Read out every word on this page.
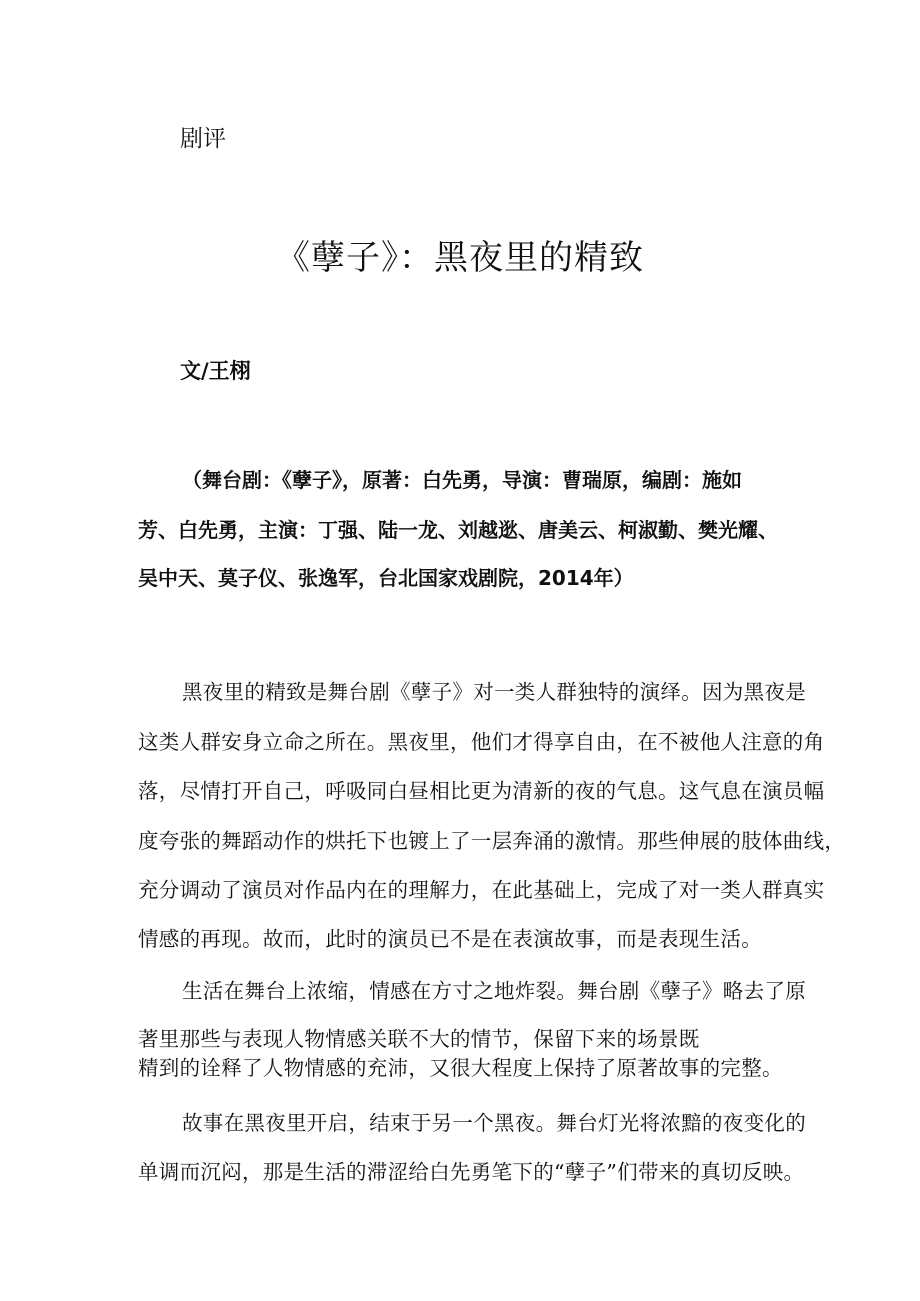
剧评

《孽子》：黑夜里的精致

文/王栩

（舞台剧：《孽子》，原著：白先勇，导演：曹瑞原，编剧：施如

芳、白先勇，主演：丁强、陆一龙、刘越逖、唐美云、柯淑勤、樊光耀、

吴中天、莫子仪、张逸军，台北国家戏剧院，2014年）

黑夜里的精致是舞台剧《孽子》对一类人群独特的演绎。因为黑夜是

这类人群安身立命之所在。黑夜里，他们才得享自由，在不被他人注意的角

落，尽情打开自己，呼吸同白昼相比更为清新的夜的气息。这气息在演员幅

度夸张的舞蹈动作的烘托下也镀上了一层奔涌的激情。那些伸展的肢体曲线，

充分调动了演员对作品内在的理解力，在此基础上，完成了对一类人群真实

情感的再现。故而，此时的演员已不是在表演故事，而是表现生活。

生活在舞台上浓缩，情感在方寸之地炸裂。舞台剧《孽子》略去了原

著里那些与表现人物情感关联不大的情节，保留下来的场景既

精到的诠释了人物情感的充沛，又很大程度上保持了原著故事的完整。

故事在黑夜里开启，结束于另一个黑夜。舞台灯光将浓黯的夜变化的

单调而沉闷，那是生活的滞涩给白先勇笔下的“孽子”们带来的真切反映。
